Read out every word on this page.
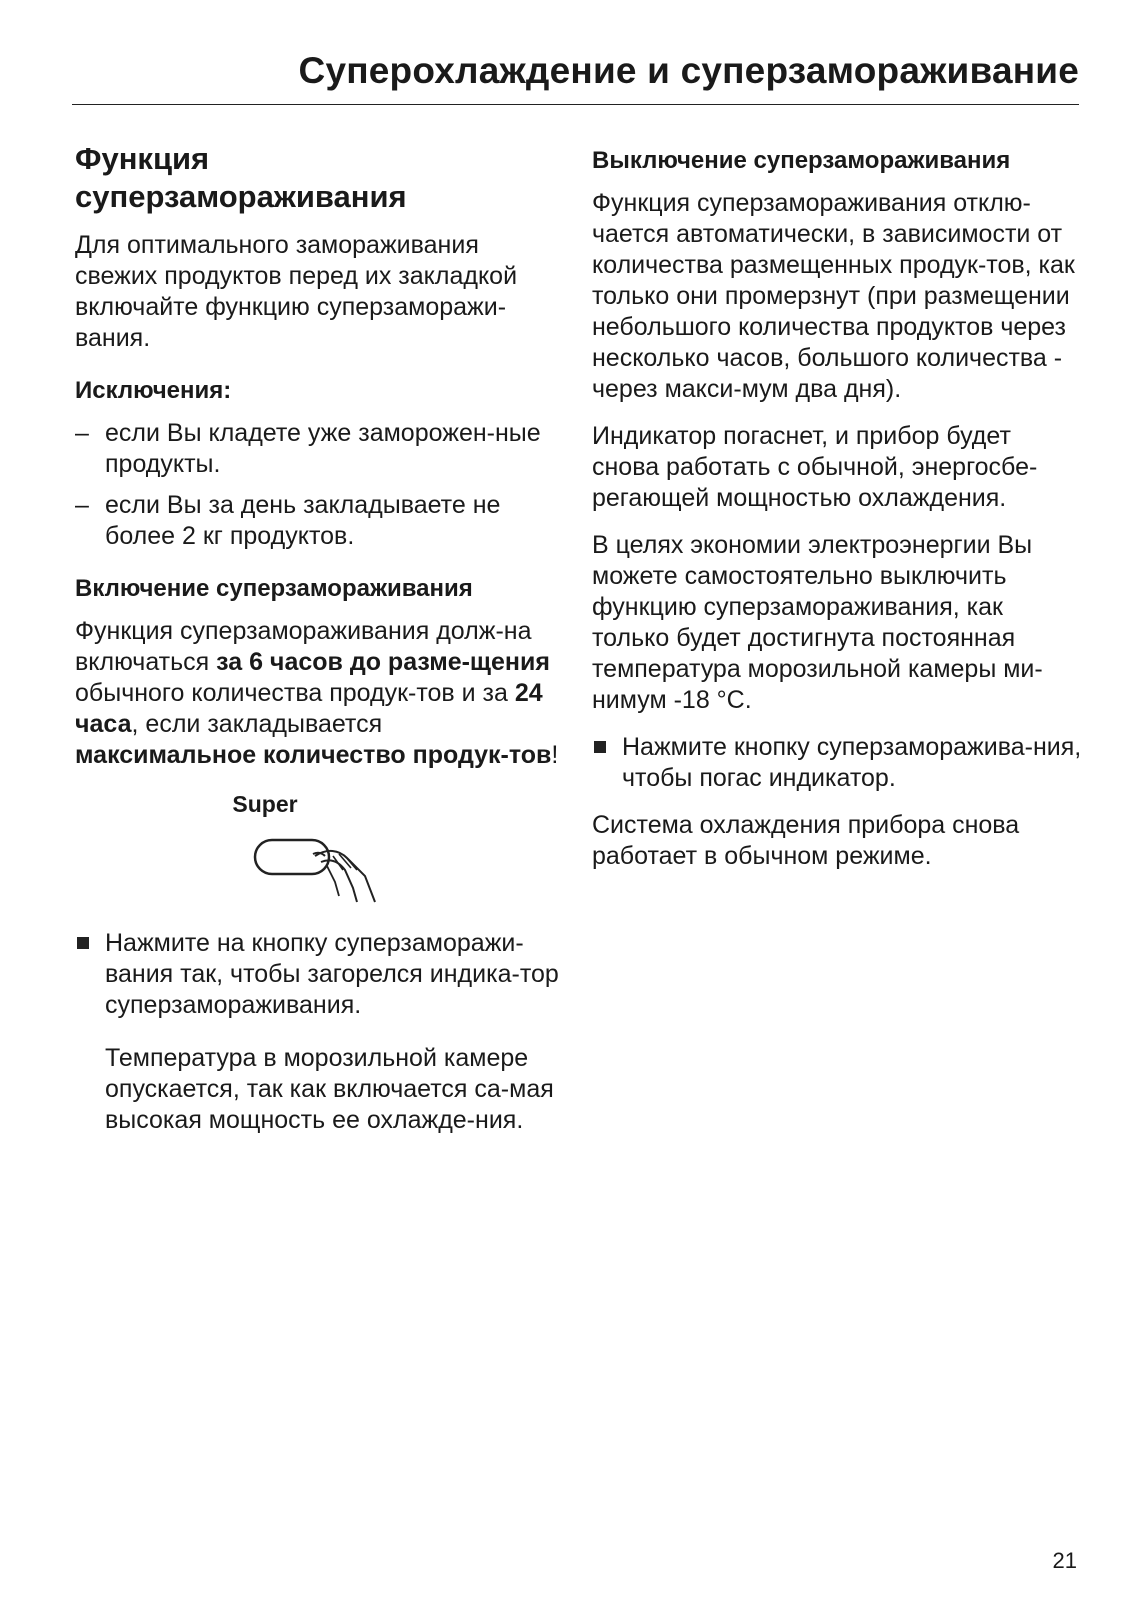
Суперохлаждение и суперзамораживание
Функция
суперзамораживания

Для оптимального замораживания свежих продуктов перед их закладкой включайте функцию суперзаморажи-вания.

Исключения:
– если Вы кладете уже заморожен-ные продукты.
– если Вы за день закладываете не более 2 кг продуктов.
Включение суперзамораживания

Функция суперзамораживания долж-на включаться за 6 часов до разме-щения обычного количества продук-тов и за 24 часа, если закладывается максимальное количество продук-тов!

Super
Нажмите на кнопку суперзаморажи-вания так, чтобы загорелся индика-тор суперзамораживания.

Температура в морозильной камере опускается, так как включается са-мая высокая мощность ее охлажде-ния.

Выключение суперзамораживания

Функция суперзамораживания отклю-чается автоматически, в зависимости от количества размещенных продук-тов, как только они промерзнут (при размещении небольшого количества продуктов через несколько часов, большого количества - через макси-мум два дня).

Индикатор погаснет, и прибор будет снова работать с обычной, энергосбе-регающей мощностью охлаждения.

В целях экономии электроэнергии Вы можете самостоятельно выключить функцию суперзамораживания, как только будет достигнута постоянная температура морозильной камеры ми-нимум -18 °C.

Нажмите кнопку суперзаморажива-ния, чтобы погас индикатор.

Система охлаждения прибора снова работает в обычном режиме.

21
